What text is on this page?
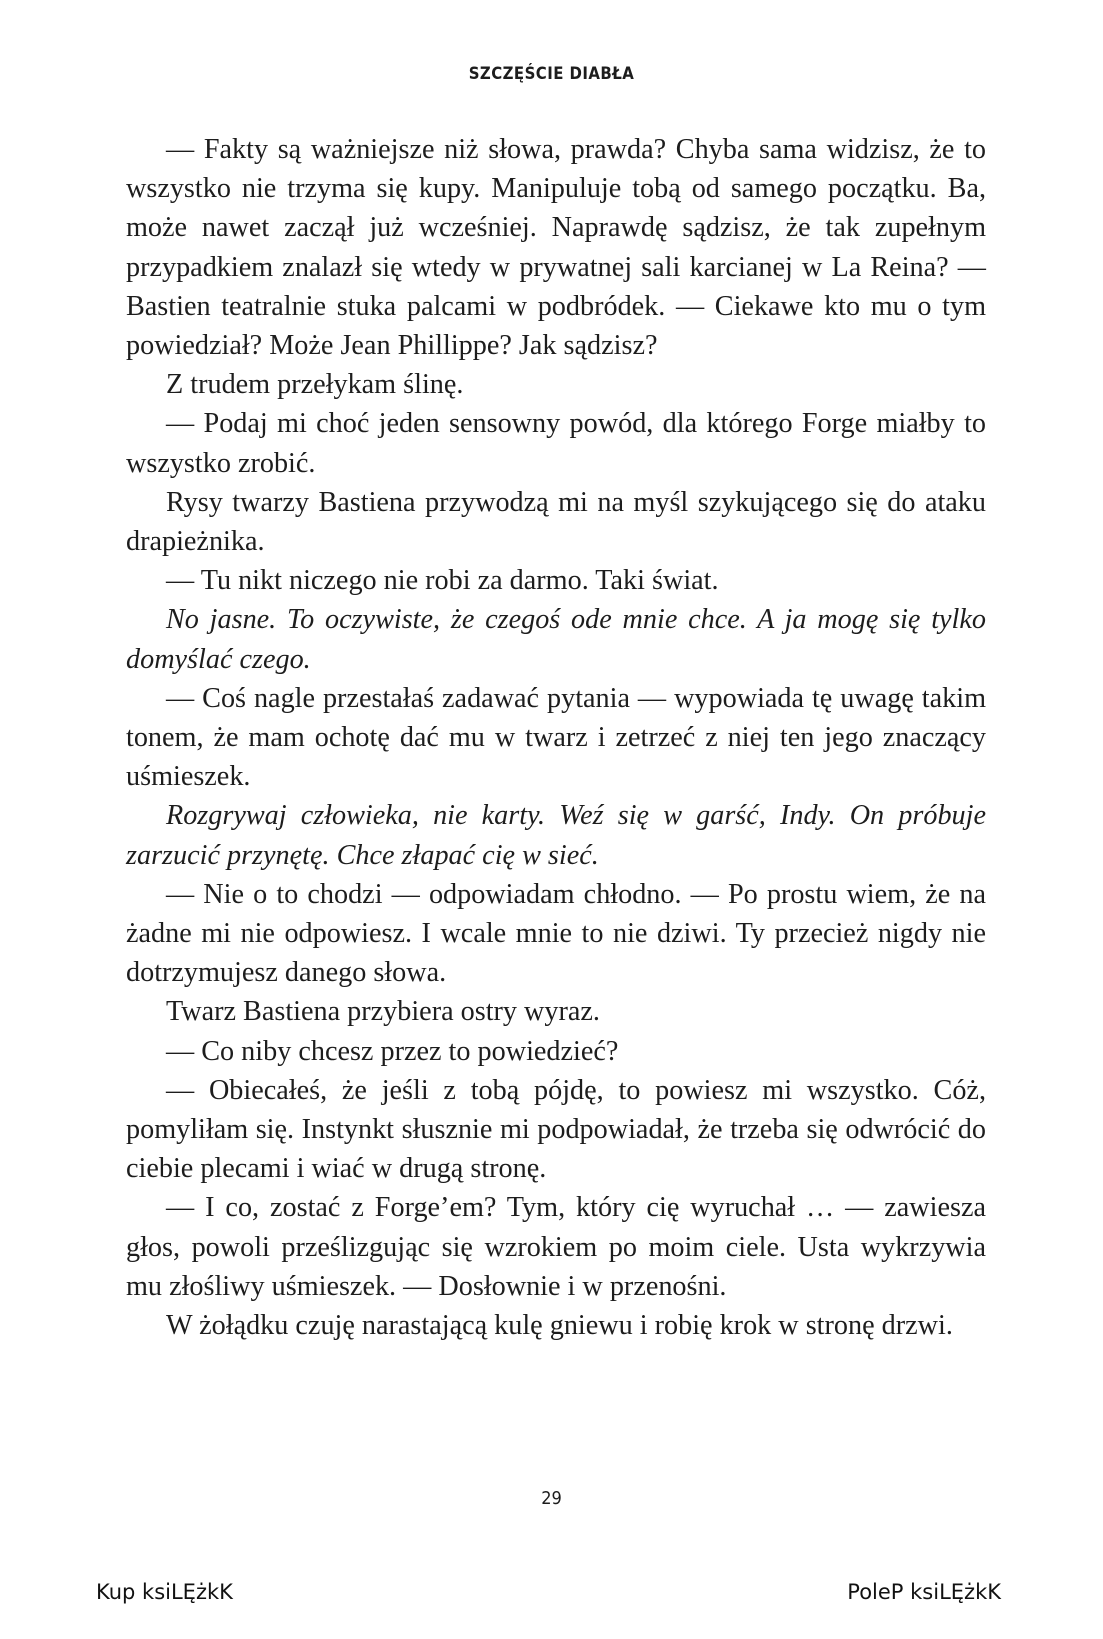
SZCZĘŚCIE DIABŁA

— Fakty są ważniejsze niż słowa, prawda? Chyba sama widzisz, że to wszystko nie trzyma się kupy. Manipuluje tobą od samego początku. Ba, może nawet zaczął już wcześniej. Naprawdę sądzisz, że tak zupełnym przypadkiem znalazł się wtedy w prywatnej sali karcianej w La Reina? — Bastien teatralnie stuka palcami w podbródek. — Ciekawe kto mu o tym powiedział? Może Jean Phillippe? Jak sądzisz?

Z trudem przełykam ślinę.

— Podaj mi choć jeden sensowny powód, dla którego Forge miałby to wszystko zrobić.

Rysy twarzy Bastiena przywodzą mi na myśl szykującego się do ataku drapieżnika.

— Tu nikt niczego nie robi za darmo. Taki świat.

No jasne. To oczywiste, że czegoś ode mnie chce. A ja mogę się tylko domyślać czego.

— Coś nagle przestałaś zadawać pytania — wypowiada tę uwagę takim tonem, że mam ochotę dać mu w twarz i zetrzeć z niej ten jego znaczący uśmieszek.

Rozgrywaj człowieka, nie karty. Weź się w garść, Indy. On próbuje zarzucić przynętę. Chce złapać cię w sieć.

— Nie o to chodzi — odpowiadam chłodno. — Po prostu wiem, że na żadne mi nie odpowiesz. I wcale mnie to nie dziwi. Ty przecież nigdy nie dotrzymujesz danego słowa.

Twarz Bastiena przybiera ostry wyraz.

— Co niby chcesz przez to powiedzieć?

— Obiecałeś, że jeśli z tobą pójdę, to powiesz mi wszystko. Cóż, pomyliłam się. Instynkt słusznie mi podpowiadał, że trzeba się odwrócić do ciebie plecami i wiać w drugą stronę.

— I co, zostać z Forge’em? Tym, który cię wyruchał … — zawiesza głos, powoli prześlizgując się wzrokiem po moim ciele. Usta wykrzywia mu złośliwy uśmieszek. — Dosłownie i w przenośni.

W żołądku czuję narastającą kulę gniewu i robię krok w stronę drzwi.

29
Kup ksiLĘżkK	PoleP ksiLĘżkK
